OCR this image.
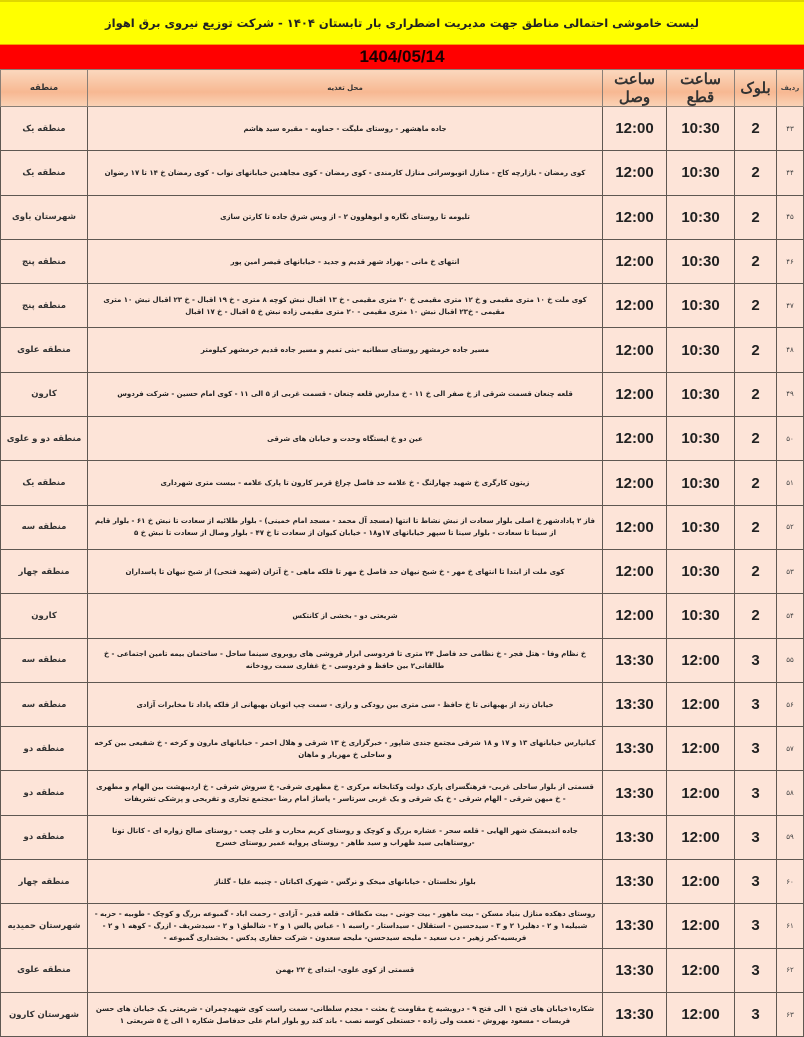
لیست خاموشی احتمالی مناطق جهت مدیریت اضطراری بار تابستان ۱۴۰۴ - شرکت توزیع نیروی برق اهواز
1404/05/14
ردیف	بلوک	ساعت قطع	ساعت وصل	محل تغذیه	منطقه
۴۳	2	10:30	12:00	جاده ماهشهر - روستای ملیگت - حماویه - مقبره سید هاشم	منطقه یک
۴۴	2	10:30	12:00	کوی رمضان - بازارچه کاج - منازل اتوبوسرانی منازل کارمندی - کوی رمضان - کوی مجاهدین خیابانهای نواب - کوی رمضان خ ۱۴ تا ۱۷ رضوان	منطقه یک
۴۵	2	10:30	12:00	تلیومه تا روستای نگاره و ابوهلوون ۲ - از ویس شرق جاده تا کارتن سازی	شهرستان باوی
۴۶	2	10:30	12:00	انتهای خ مانی - بهزاد شهر قدیم و جدید - خیابانهای قیصر امین پور	منطقه پنج
۴۷	2	10:30	12:00	کوی ملت خ ۱۰ متری مقیمی و خ ۱۲ متری مقیمی خ ۲۰ متری مقیمی - خ ۱۳ اقبال نبش کوچه ۸ متری - خ ۱۹ اقبال - خ ۲۳ اقبال نبش ۱۰ متری مقیمی - خ۲۳ اقبال نبش ۱۰ متری مقیمی - ۲۰ متری مقیمی زاده نبش خ ۵ اقبال - خ ۱۷ اقبال	منطقه پنج
۴۸	2	10:30	12:00	مسیر جاده خرمشهر روستای سطانیه -بنی تمیم و مسیر جاده قدیم خرمشهر کیلومتر	منطقه علوی
۴۹	2	10:30	12:00	قلعه چنعان قسمت شرقی از خ صفر الی خ ۱۱ - خ مدارس قلعه چنعان - قسمت غربی از ۵ الی ۱۱ - کوی امام حسین - شرکت فردوس	کارون
۵۰	2	10:30	12:00	عین دو خ ایستگاه وحدت و خیابان های شرقی	منطقه دو و علوی
۵۱	2	10:30	12:00	زیتون کارگری خ شهید چهارلنگ - خ علامه حد فاصل چراغ قرمز کارون تا پارک علامه - بیست متری شهرداری	منطقه یک
۵۲	2	10:30	12:00	فاز ۲ پادادشهر خ اصلی بلوار سعادت از نبش نشاط تا انتها (مسجد آل محمد - مسجد امام خمینی) - بلوار طلائیه از سعادت تا نبش خ ۶۱ - بلوار قایم از سینا تا سعادت - بلوار سینا تا سپهر خیابانهای ۱۷و۱۸ - خیابان کیوان از سعادت تا خ ۴۷ - بلوار وصال از سعادت تا نبش خ ۵	منطقه سه
۵۳	2	10:30	12:00	کوی ملت از ابتدا تا انتهای خ مهر - خ شیخ نیهان حد فاصل خ مهر تا فلکه ماهی - خ آتزان (شهید فتحی) از شیخ نیهان تا پاسداران	منطقه چهار
۵۴	2	10:30	12:00	شریعتی دو - بخشی از کانتکس	کارون
۵۵	3	12:00	13:30	خ نظام وفا - هتل فجر - خ نظامی حد فاصل ۲۴ متری تا فردوسی ابزار فروشی های روبروی سینما ساحل - ساختمان بیمه تامین اجتماعی - خ طالقانی۲ بین حافظ و فردوسی - خ غفاری سمت رودخانه	منطقه سه
۵۶	3	12:00	13:30	خیابان زند از بهبهانی تا خ حافظ - سی متری بین رودکی و رازی - سمت چپ اتوبان بهبهانی از فلکه پاداد تا مخابرات آزادی	منطقه سه
۵۷	3	12:00	13:30	کیانپارس خیابانهای ۱۳ و ۱۷ و ۱۸ شرقی مجتمع جندی شاپور - خبرگزاری خ ۱۳ شرقی و هلال احمر - خیابانهای مارون و کرخه - خ شفیعی بین کرخه و ساحلی خ مهزیار و ماهان	منطقه دو
۵۸	3	12:00	13:30	قسمتی از بلوار ساحلی غربی- فرهنگسرای پارک دولت وکتابخانه مرکزی - خ مطهری شرقی- خ سروش شرقی - خ اردیبهشت بین الهام و مطهری - خ میهن شرقی - الهام شرقی - خ یک شرقی و یک غربی سرتاسر - پاساژ امام رضا -مجتمع تجاری و تفریحی و پزشکی تشریفات	منطقه دو
۵۹	3	12:00	13:30	جاده اندیمشک شهر الهایی - قلعه سحر - عشاره بزرگ و کوچک و روستای کریم محارب و علی چعب - روستای صالح زواره ای - کانال تونا -روستاهایی سید ظهراب و سید طاهر - روستای پروایه عمیر روستای خسرج	منطقه دو
۶۰	3	12:00	13:30	بلوار نخلستان - خیابانهای میخک و نرگس - شهرک اکباتان - چنیبه علیا - گلناز	منطقه چهار
۶۱	3	12:00	13:30	روستای دهکده منازل بنیاد مسکن - بیت ماهور - بیت جونی - بیت مکطاف - قلعه قدیر - آزادی - رحمت اباد - گمبوعه بزرگ و کوچک - طوبیه - حزبه - شبیلیه۱ و ۲ - دهلیز۱ ۲ و ۳ - سیدحسین - استقلال - سیداستار - راسبه ۱ - عباس پالس ۱ و ۲ - شالطق۱ و ۲ - سیدشریف - ازرگ - کوهه ۱ و ۲ - فریسیه-کبر زهیر - دب سعید - ملیحه سیدحسن- ملیحه سعدون - شرکت حفاری پدکس - بخشداری گمبوعه -	شهرستان حمیدیه
۶۲	3	12:00	13:30	قسمتی از کوی علوی- ابتدای خ ۲۲ بهمن	منطقه علوی
۶۳	3	12:00	13:30	شکاره۱خیابان های فتح ۱ الی فتح ۹ - درویشیه خ مقاومت خ بعثت - مجدم سلطانی- سمت راست کوی شهیدچمران - شریعتی یک خیابان های حسن فریسات - مسعود بهروش - نعمت ولی زاده - حستعلی کوسه نصب - باند کند رو بلوار امام علی حدفاصل شکاره ۱ الی خ ۵ شریعتی ۱	شهرستان کارون
